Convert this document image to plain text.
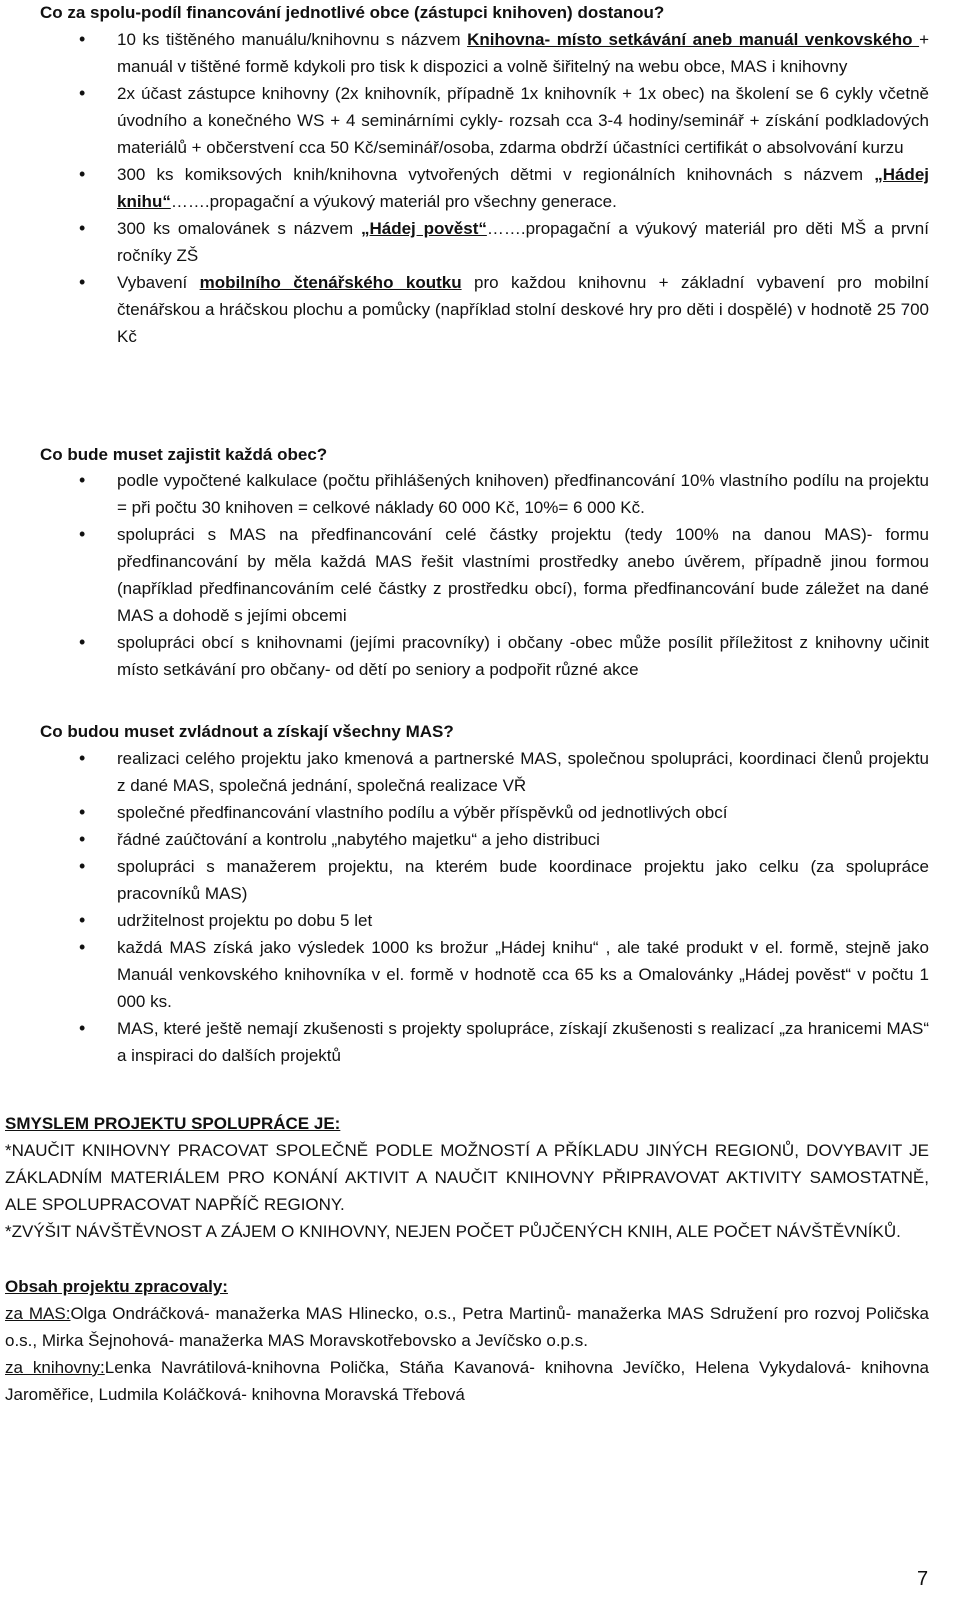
Co za spolu-podíl financování jednotlivé obce (zástupci knihoven) dostanou?
• 10 ks tištěného manuálu/knihovnu s názvem Knihovna- místo setkávání aneb manuál venkovského + manuál v tištěné formě kdykoli pro tisk k dispozici a volně šiřitelný na webu obce, MAS i knihovny
• 2x účast zástupce knihovny (2x knihovník, případně 1x knihovník + 1x obec) na školení se 6 cykly včetně úvodního a konečného WS + 4 seminárními cykly- rozsah cca 3-4 hodiny/seminář + získání podkladových materiálů + občerstvení cca 50 Kč/seminář/osoba, zdarma obdrží účastníci certifikát o absolvování kurzu
• 300 ks komiksových knih/knihovna vytvořených dětmi v regionálních knihovnách s názvem „Hádej knihu“…….propagační a výukový materiál pro všechny generace.
• 300 ks omalovánek s názvem „Hádej pověst“…….propagační a výukový materiál pro děti MŠ a první ročníky ZŠ
• Vybavení mobilního čtenářského koutku pro každou knihovnu + základní vybavení pro mobilní čtenářskou a hráčskou plochu a pomůcky (například stolní deskové hry pro děti i dospělé) v hodnotě 25 700 Kč
Co bude muset zajistit každá obec?
• podle vypočtené kalkulace (počtu přihlášených knihoven) předfinancování 10% vlastního podílu na projektu = při počtu 30 knihoven = celkové náklady 60 000 Kč, 10%= 6 000 Kč.
• spolupráci s MAS na předfinancování celé částky projektu (tedy 100% na danou MAS)- formu předfinancování by měla každá MAS řešit vlastními prostředky anebo úvěrem, případně jinou formou (například předfinancováním celé částky z prostředku obcí), forma předfinancování bude záležet na dané MAS a dohodě s jejími obcemi
• spolupráci obcí s knihovnami (jejími pracovníky) i občany -obec může posílit příležitost z knihovny učinit místo setkávání pro občany- od dětí po seniory a podpořit různé akce
Co budou muset zvládnout a získají všechny MAS?
• realizaci celého projektu jako kmenová a partnerské MAS, společnou spolupráci, koordinaci členů projektu z dané MAS, společná jednání, společná realizace VŘ
• společné předfinancování vlastního podílu a výběr příspěvků od jednotlivých obcí
• řádné zaúčtování a kontrolu „nabytého majetku“ a jeho distribuci
• spolupráci s manažerem projektu, na kterém bude koordinace projektu jako celku (za spolupráce pracovníků MAS)
• udržitelnost projektu po dobu 5 let
• každá MAS získá jako výsledek 1000 ks brožur „Hádej knihu“ , ale také produkt v el. formě, stejně jako Manuál venkovského knihovníka v el. formě v hodnotě cca 65 ks a Omalovánky „Hádej pověst“ v počtu 1 000 ks.
• MAS, které ještě nemají zkušenosti s projekty spolupráce, získají zkušenosti s realizací „za hranicemi MAS“ a inspiraci do dalších projektů
SMYSLEM PROJEKTU SPOLUPRÁCE JE:
*NAUČIT KNIHOVNY PRACOVAT SPOLEČNĚ PODLE MOŽNOSTÍ A PŘÍKLADU JINÝCH REGIONŮ, DOVYBAVIT JE ZÁKLADNÍM MATERIÁLEM PRO KONÁNÍ AKTIVIT A NAUČIT KNIHOVNY PŘIPRAVOVAT AKTIVITY SAMOSTATNĚ, ALE SPOLUPRACOVAT NAPŘÍČ REGIONY.
*ZVÝŠIT NÁVŠTĚVNOST A ZÁJEM O KNIHOVNY, NEJEN POČET PŮJČENÝCH KNIH, ALE POČET NÁVŠTĚVNÍKŮ.
Obsah projektu zpracovaly:
za MAS:Olga Ondráčková- manažerka MAS Hlinecko, o.s., Petra Martinů- manažerka MAS Sdružení pro rozvoj Poličska o.s., Mirka Šejnohová- manažerka MAS Moravskotřebovsko a Jevíčsko o.p.s.
za knihovny:Lenka Navrátilová-knihovna Polička, Stáňa Kavanová- knihovna Jevíčko, Helena Vykydalová- knihovna Jaroměřice, Ludmila Koláčková- knihovna Moravská Třebová
7
